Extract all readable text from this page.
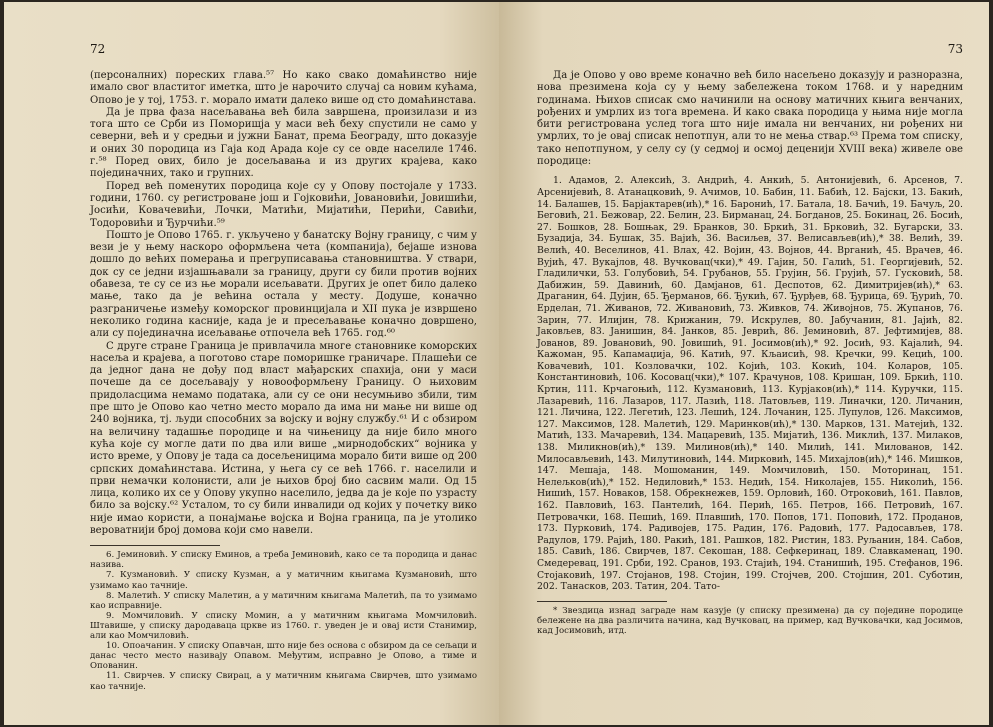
72

(персоналних) пореских глава.⁵⁷ Но како свако домаћинство није имало свог властитог иметка, што је нарочито случај са новим кућама, Опово је у тој, 1753. г. морало имати далеко више од сто домаћинстава.

Да је прва фаза насељавања већ била завршена, произилази и из тога што се Срби из Поморишја у маси већ беху спустили не само у северни, већ и у средњи и јужни Банат, према Београду, што доказује и оних 30 породица из Гаја код Арада које су се овде населиле 1746. г.⁵⁸ Поред ових, било је досељавања и из других крајева, како појединачних, тако и групних.

Поред већ поменутих породица које су у Опову постојале у 1733. години, 1760. су регистроване још и Гојковићи, Јовановићи, Јовишићи, Јосићи, Ковачевићи, Лочки, Матићи, Мијатићи, Перићи, Савићи, Тодоровићи и Ђурчићи.⁵⁹

Пошто је Опово 1765. г. укључено у банатску Војну границу, с чим у вези је у њему наскоро оформљена чета (компанија), бејаше изнова дошло до већих померања и прегруписавања становништва. У ствари, док су се једни изјашњавали за границу, други су били против војних обавеза, те су се из ње морали исељавати. Других је опет било далеко мање, тако да је већина остала у месту. Додуше, коначно разграничење између коморског провинцијала и XII пука је извршено неколико година касније, када је и пресељавање коначно довршено, али су појединачна исељавање отпочела већ 1765. год.⁶⁰

С друге стране Граница је привлачила многе становнике коморских насеља и крајева, а поготово старе поморишке граничаре. Плашећи се да једног дана не дођу под власт мађарских спахија, они у маси почеше да се досељавају у новооформљену Границу. О њиховим придоласцима немамо података, али су се они несумњиво збили, тим пре што је Опово као четно место морало да има ни мање ни више од 240 војника, тј. људи способних за војску и војну службу.⁶¹ И с обзиром на величину тадашње породице и на чињеницу да није било много кућа које су могле дати по два или више „мирнодобских“ војника у исто време, у Опову је тада са досељеницима морало бити више од 200 српских домаћинстава. Истина, у њега су се већ 1766. г. населили и први немачки колонисти, али је њихов број био сасвим мали. Од 15 лица, колико их се у Опову укупно населило, једва да је које по узрасту било за војску.⁶² Усталом, то су били инвалиди од којих у почетку вико није имао користи, а понајмање војска и Војна граница, па је утолико вероватнији број домова који смо навели.

6. Јеминовић. У списку Еминов, а треба Јеминовић, како се та породица и данас назива.

7. Кузмановић. У списку Кузман, а у матичним књигама Кузмановић, што узимамо као тачније.

8. Малетић. У списку Малетин, а у матичним књигама Малетић, па то узимамо као исправније.

9. Момчиловић. У списку Момин, а у матичним књигама Момчиловић. Штавише, у списку дародаваца цркве из 1760. г. уведен је и овај исти Станимир, али као Момчиловић.

10. Опоачанин. У списку Опавчан, што није без основа с обзиром да се сељаци и данас често место називају Опавом. Међутим, исправно је Опово, а тиме и Опованин.

11. Свирчев. У списку Свирац, а у матичним књигама Свирчев, што узимамо као тачније.

73

Да је Опово у ово време коначно већ било насељено доказују и разноразна, нова презимена која су у њему забележена током 1768. и у наредним годинама. Њихов списак смо начинили на основу матичних књига венчаних, рођених и умрлих из тога времена. И како свака породица у њима није могла бити регистрована услед тога што није имала ни венчаних, ни рођених ни умрлих, то је овај списак непотпун, али то не мења ствар.⁶³ Према том списку, тако непотпуном, у селу су (у седмој и осмој деценији XVIII века) живеле ове породице:

1. Адамов, 2. Алексић, 3. Андрић, 4. Анкић, 5. Антонијевић, 6. Арсенов, 7. Арсенијевић, 8. Атанацковић, 9. Ачимов, 10. Бабин, 11. Бабић, 12. Бајски, 13. Бакић, 14. Балашев, 15. Барјактарев(ић),* 16. Баронић, 17. Батала, 18. Бачић, 19. Бачуљ, 20. Беговић, 21. Бежовар, 22. Белин, 23. Бирманац, 24. Богданов, 25. Бокинац, 26. Босић, 27. Бошков, 28. Бошњак, 29. Бранков, 30. Бркић, 31. Брковић, 32. Бугарски, 33. Бузадија, 34. Бушак, 35. Вајић, 36. Васиљев, 37. Велисављев(ић),* 38. Велић, 39. Велић, 40. Веселинов, 41. Влах, 42. Војин, 43. Војнов, 44. Врганић, 45. Врачев, 46. Вујић, 47. Вукајлов, 48. Вучковац(чки),* 49. Гајин, 50. Галић, 51. Георгијевић, 52. Гладилички, 53. Голубовић, 54. Грубанов, 55. Грујин, 56. Грујић, 57. Гусковић, 58. Дабижин, 59. Давинић, 60. Дамјанов, 61. Деспотов, 62. Димитријев(ић),* 63. Драганин, 64. Дујин, 65. Ђерманов, 66. Ђукић, 67. Ђурђев, 68. Ђурица, 69. Ђурић, 70. Ерделан, 71. Живанов, 72. Живановић, 73. Живков, 74. Живојнов, 75. Жупанов, 76. Зарин, 77. Илијин, 78. Крижанин, 79. Искрулев, 80. Јабучанин, 81. Јајић, 82. Јаковљев, 83. Јанишин, 84. Јанков, 85. Јеврић, 86. Јеминовић, 87. Јефтимијев, 88. Јованов, 89. Јовановић, 90. Јовишић, 91. Јосимов(ић),* 92. Јосић, 93. Кајалић, 94. Кажоман, 95. Капамаџија, 96. Катић, 97. Кљаисић, 98. Кречки, 99. Кецић, 100. Ковачевић, 101. Козловачки, 102. Којић, 103. Кокић, 104. Коларов, 105. Константиновић, 106. Косовац(чки),* 107. Крачунов, 108. Кришан, 109. Бркић, 110. Кртин, 111. Крчагоњић, 112. Кузмановић, 113. Курјаков(ић),* 114. Куручки, 115. Лазаревић, 116. Лазаров, 117. Лазић, 118. Латовљев, 119. Линачки, 120. Личанин, 121. Личина, 122. Легетић, 123. Лешић, 124. Лочанин, 125. Лупулов, 126. Максимов, 127. Максимов, 128. Малетић, 129. Маринков(ић),* 130. Марков, 131. Матејић, 132. Матић, 133. Мачаревић, 134. Мацаревић, 135. Мијатић, 136. Миклић, 137. Милаков, 138. Миликнов(ић),* 139. Милинов(ић),* 140. Милић, 141. Милованов, 142. Милосављевић, 143. Милутиновић, 144. Мирковић, 145. Михајлов(ић),* 146. Мишков, 147. Мешаја, 148. Мошоманин, 149. Момчиловић, 150. Моторинац, 151. Нелељков(ић),* 152. Недиловић,* 153. Недић, 154. Николајев, 155. Николић, 156. Нишић, 157. Новаков, 158. Обрекнежев, 159. Орловић, 160. Отроковић, 161. Павлов, 162. Павловић, 163. Пантелић, 164. Перић, 165. Петров, 166. Петровић, 167. Петровачки, 168. Пешић, 169. Плавшић, 170. Попов, 171. Поповић, 172. Проданов, 173. Пурковић, 174. Радивојев, 175. Радин, 176. Радовић, 177. Радосављев, 178. Радулов, 179. Рајић, 180. Ракић, 181. Рашков, 182. Ристин, 183. Руљанин, 184. Сабов, 185. Савић, 186. Свирчев, 187. Секошан, 188. Сефкеринац, 189. Славкаменац, 190. Смедеревац, 191. Срби, 192. Сранов, 193. Стајић, 194. Станишић, 195. Стефанов, 196. Стојаковић, 197. Стојанов, 198. Стојин, 199. Стојчев, 200. Стојшин, 201. Суботин, 202. Танасков, 203. Татин, 204. Тато-

* Звездица изнад заграде нам казује (у списку презимена) да су поједине породице бележене на два различита начина, кад Вучковац, на пример, кад Вучковачки, кад Јосимов, кад Јосимовић, итд.
